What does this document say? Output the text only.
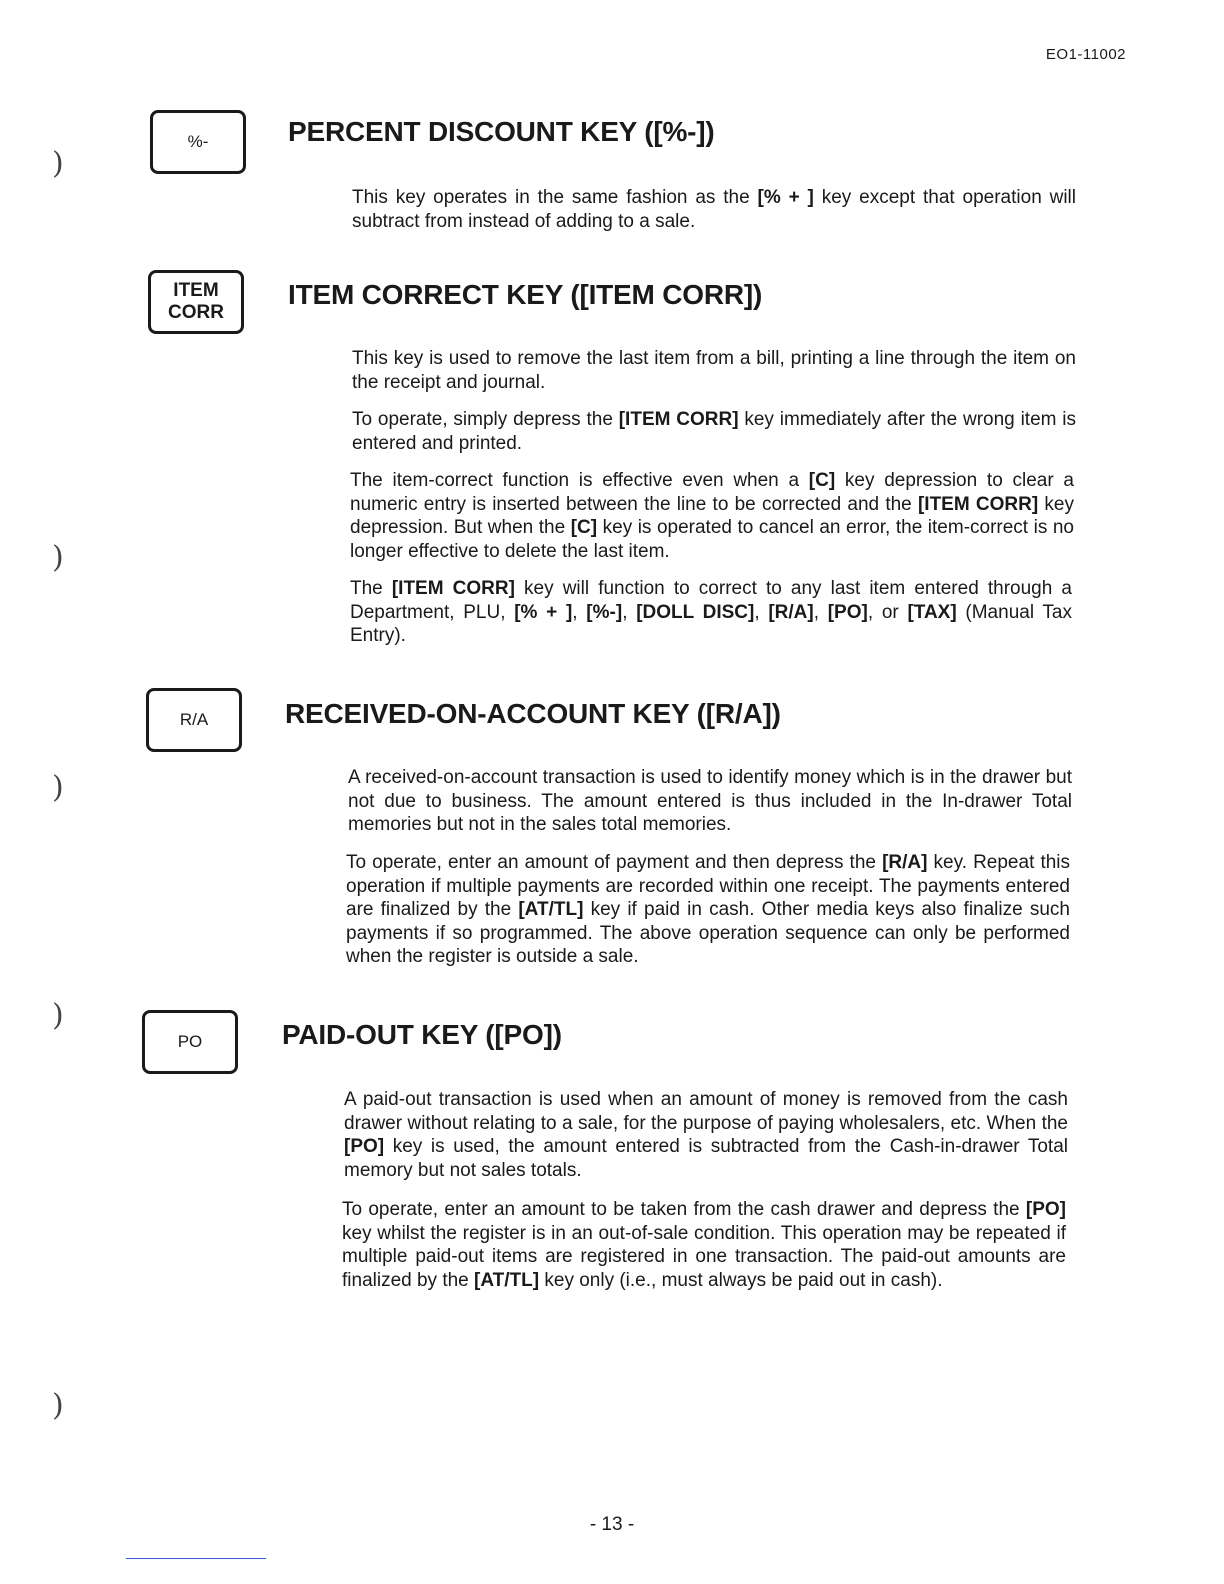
EO1-11002
)
)
)
)
)
%-	PERCENT DISCOUNT KEY ([%-])

This key operates in the same fashion as the [% + ] key except that operation will subtract from instead of adding to a sale.

ITEM
CORR
ITEM CORRECT KEY ([ITEM CORR])

This key is used to remove the last item from a bill, printing a line through the item on the receipt and journal.

To operate, simply depress the [ITEM CORR] key immediately after the wrong item is entered and printed.

The item-correct function is effective even when a [C] key depression to clear a numeric entry is inserted between the line to be corrected and the [ITEM CORR] key depression. But when the [C] key is operated to cancel an error, the item-correct is no longer effective to delete the last item.

The [ITEM CORR] key will function to correct to any last item entered through a Department, PLU, [% + ], [%-], [DOLL DISC], [R/A], [PO], or [TAX] (Manual Tax Entry).

R/A	RECEIVED-ON-ACCOUNT KEY ([R/A])

A received-on-account transaction is used to identify money which is in the drawer but not due to business. The amount entered is thus included in the In-drawer Total memories but not in the sales total memories.

To operate, enter an amount of payment and then depress the [R/A] key. Repeat this operation if multiple payments are recorded within one receipt. The payments entered are finalized by the [AT/TL] key if paid in cash. Other media keys also finalize such payments if so programmed. The above operation sequence can only be performed when the register is outside a sale.

PO	PAID-OUT KEY ([PO])

A paid-out transaction is used when an amount of money is removed from the cash drawer without relating to a sale, for the purpose of paying wholesalers, etc. When the [PO] key is used, the amount entered is subtracted from the Cash-in-drawer Total memory but not sales totals.

To operate, enter an amount to be taken from the cash drawer and depress the [PO] key whilst the register is in an out-of-sale condition. This operation may be repeated if multiple paid-out items are registered in one transaction. The paid-out amounts are finalized by the [AT/TL] key only (i.e., must always be paid out in cash).

- 13 -
